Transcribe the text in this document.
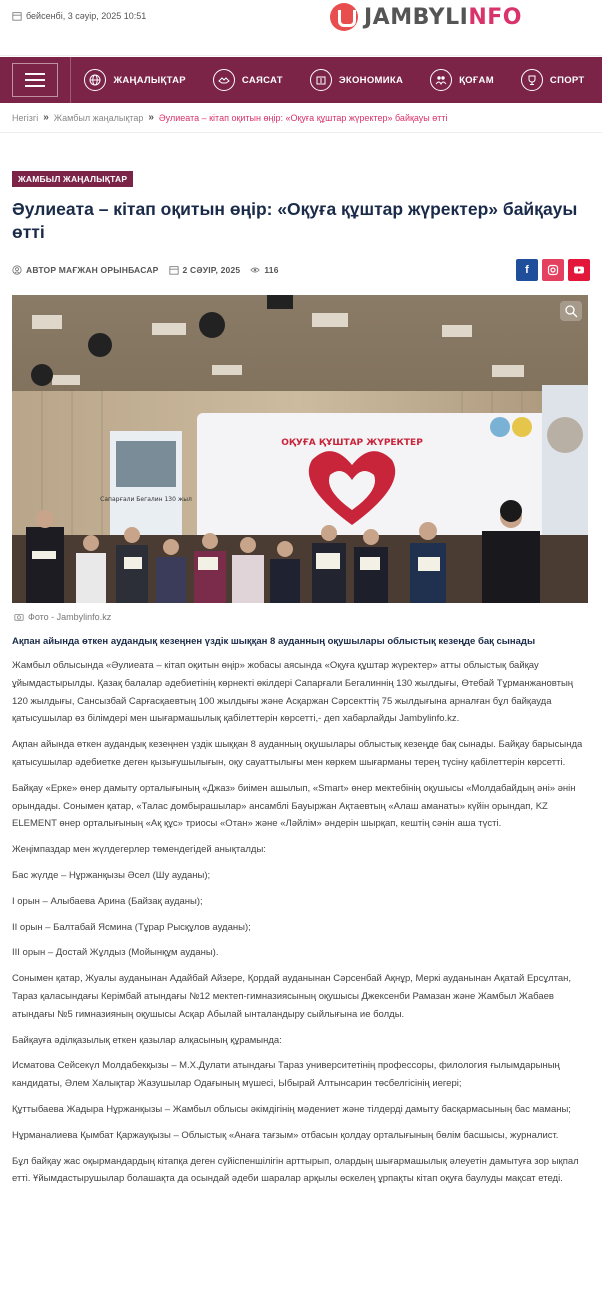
бейсенбі, 3 сәуір, 2025 10:51	JAMBYLINFO
ЖАҢАЛЫҚТАР	САЯСАТ	ЭКОНОМИКА	ҚОҒАМ	СПОРТ
Негізгі » Жамбыл жаңалықтар » Әулиеата – кітап оқитын өңір: «Оқуға құштар жүректер» байқауы өтті
ЖАМБЫЛ ЖАҢАЛЫҚТАР
Әулиеата – кітап оқитын өңір: «Оқуға құштар жүректер» байқауы өтті
АВТОР МАҒЖАН ОРЫНБАСАР	2 СӘУІР, 2025	116	f
Сапарғали Бегалин 130 жыл
ОҚУҒА ҚҰШТАР ЖҮРЕКТЕР
Фото - Jambylinfo.kz

Ақпан айында өткен аудандық кезеңнен үздік шыққан 8 ауданның оқушылары облыстық кезеңде бақ сынады

Жамбыл облысында «Әулиеата – кітап оқитын өңір» жобасы аясында «Оқуға құштар жүректер» атты облыстық байқау ұйымдастырылды. Қазақ балалар әдебиетінің көрнекті өкілдері Сапарғали Бегалиннің 130 жылдығы, Өтебай Тұрманжановтың 120 жылдығы, Сансызбай Сарғасқаевтың 100 жылдығы және Асқаржан Сәрсекттің 75 жылдығына арналған бұл байқауда қатысушылар өз білімдері мен шығармашылық қабілеттерін көрсетті,- деп хабарлайды Jambylinfo.kz.

Ақпан айында өткен аудандық кезеңнен үздік шыққан 8 ауданның оқушылары облыстық кезеңде бақ сынады. Байқау барысында қатысушылар әдебиетке деген қызығушылығын, оқу сауаттылығы мен көркем шығарманы терең түсіну қабілеттерін көрсетті.

Байқау «Ерке» өнер дамыту орталығының «Джаз» биімен ашылып, «Smart» өнер мектебінің оқушысы «Молдабайдың әні» әнін орындады. Сонымен қатар, «Талас домбырашылар» ансамблі Бауыржан Ақтаевтың «Алаш аманаты» күйін орындап, KZ ELEMENT өнер орталығының «Ақ құс» триосы «Отан» және «Ләйлім» әндерін шырқап, кештің сәнін аша түсті.

Жеңімпаздар мен жүлдегерлер төмендегідей анықталды:

Бас жүлде – Нұржанқызы Әсел (Шу ауданы);

І орын – Алыбаева Арина (Байзақ ауданы);

ІІ орын – Балтабай Ясмина (Тұрар Рысқұлов ауданы);

ІІІ орын – Достай Жұлдыз (Мойынқұм ауданы).

Сонымен қатар, Жуалы ауданынан Адайбай Айзере, Қордай ауданынан Сәрсенбай Ақнұр, Меркі ауданынан Ақатай Ерсұлтан, Тараз қаласындағы Керімбай атындағы №12 мектеп-гимназиясының оқушысы Джексенби Рамазан және Жамбыл Жабаев атындағы №5 гимназияның оқушысы Асқар Абылай ынталандыру сыйлығына ие болды.

Байқауға әділқазылық еткен қазылар алқасының құрамында:

Исматова Сейсекүл Молдабекқызы – М.Х.Дулати атындағы Тараз университетінің профессоры, филология ғылымдарының кандидаты, Әлем Халықтар Жазушылар Одағының мүшесі, Ыбырай Алтынсарин төсбелгісінің иегері;

Құттыбаева Жадыра Нұржанқызы – Жамбыл облысы әкімдігінің мәдениет және тілдерді дамыту басқармасының бас маманы;

Нұрманалиева Қымбат Қаржауқызы – Облыстық «Анаға тағзым» отбасын қолдау орталығының бөлім басшысы, журналист.

Бұл байқау жас оқырмандардың кітапқа деген сүйіспеншілігін арттырып, олардың шығармашылық әлеуетін дамытуға зор ықпал етті. Ұйымдастырушылар болашақта да осындай әдеби шаралар арқылы өскелең ұрпақты кітап оқуға баулуды мақсат етеді.
